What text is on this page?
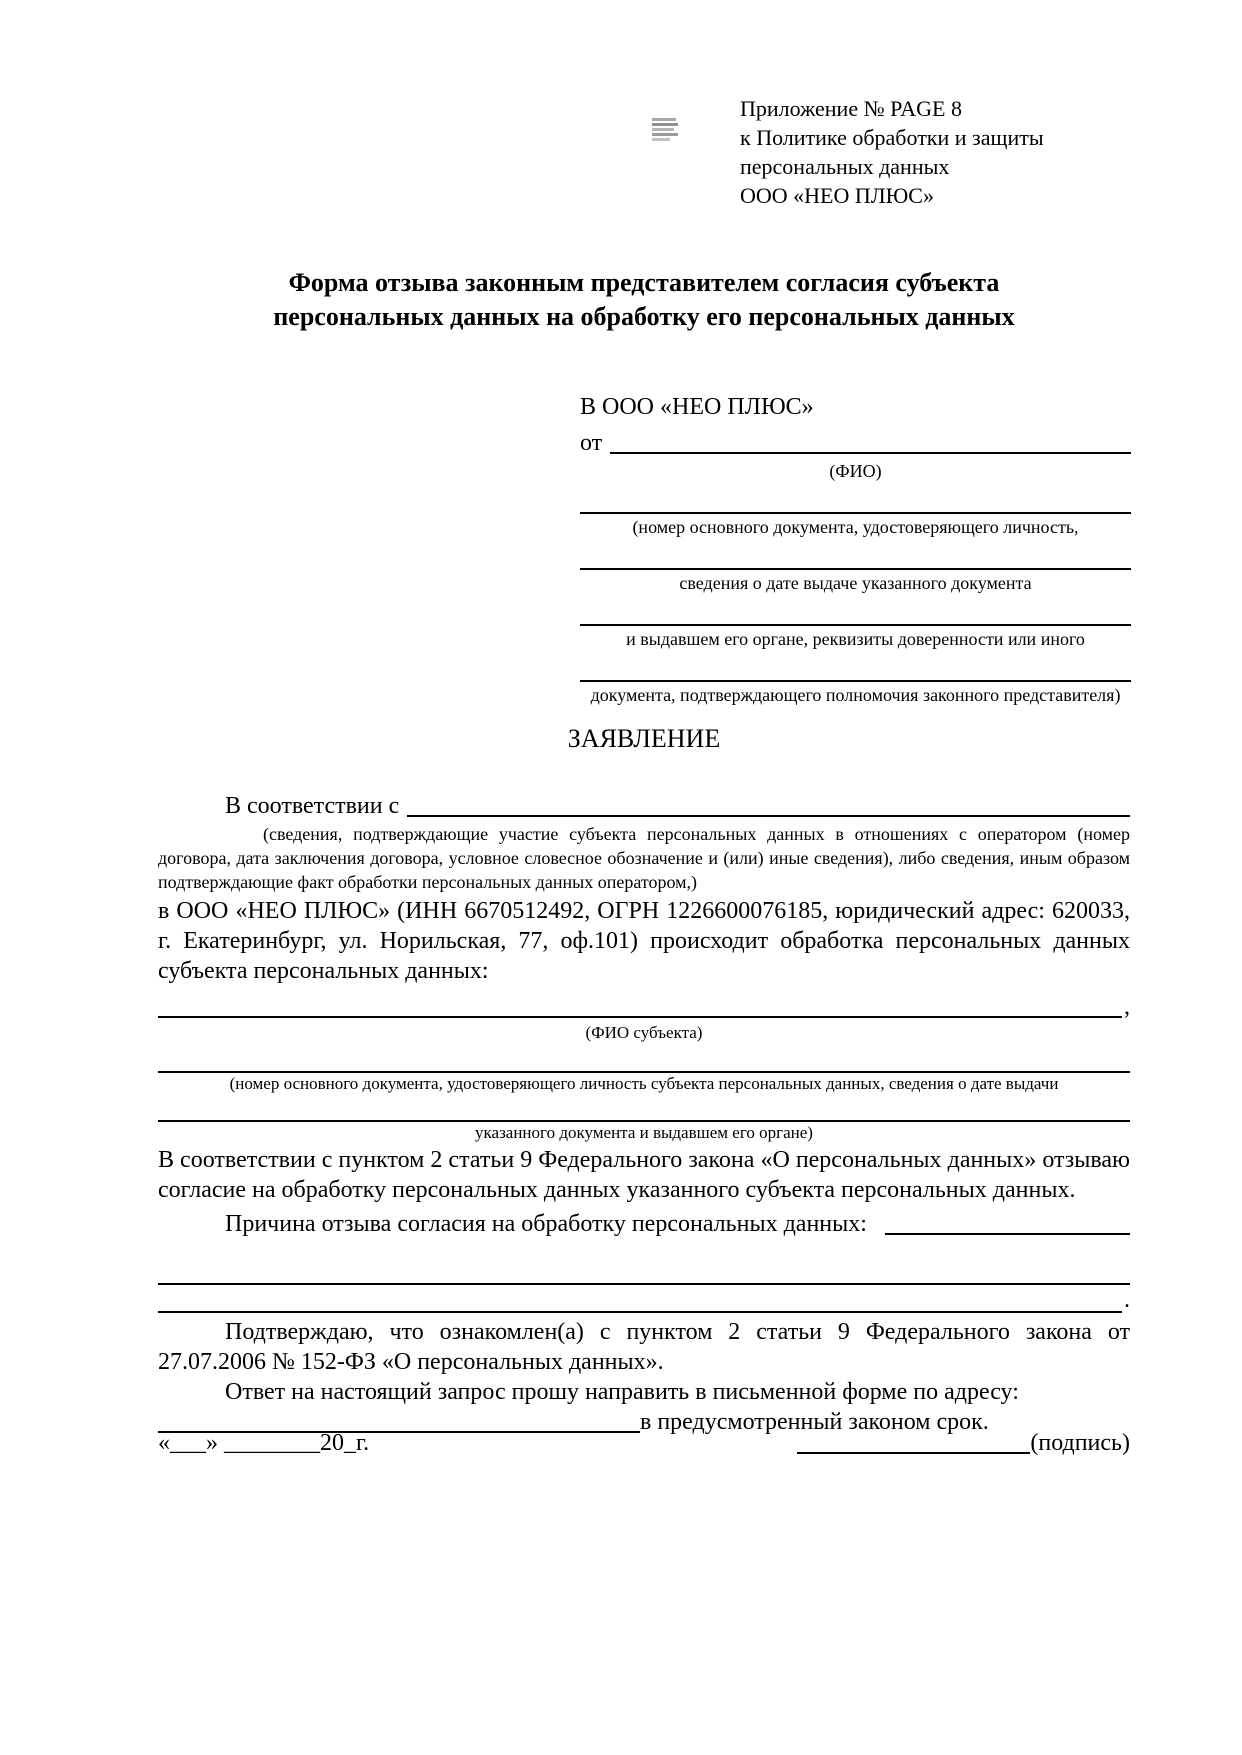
Приложение № PAGE 8
к Политике обработки и защиты
персональных данных
ООО «НЕО ПЛЮС»
Форма отзыва законным представителем согласия субъекта
персональных данных на обработку его персональных данных
В ООО «НЕО ПЛЮС»
от
(ФИО)
(номер основного документа, удостоверяющего личность,
сведения о дате выдаче указанного документа
и выдавшем его органе, реквизиты доверенности или иного
документа, подтверждающего полномочия законного представителя)
ЗАЯВЛЕНИЕ
В соответствии с

(сведения, подтверждающие участие субъекта персональных данных в отношениях с оператором (номер договора, дата заключения договора, условное словесное обозначение и (или) иные сведения), либо сведения, иным образом подтверждающие факт обработки персональных данных оператором,)

в ООО «НЕО ПЛЮС» (ИНН 6670512492, ОГРН 1226600076185, юридический адрес: 620033, г. Екатеринбург, ул. Норильская, 77, оф.101) происходит обработка персональных данных субъекта персональных данных:

,
(ФИО субъекта)
(номер основного документа, удостоверяющего личность субъекта персональных данных, сведения о дате выдачи
указанного документа и выдавшем его органе)

В соответствии с пунктом 2 статьи 9 Федерального закона «О персональных данных» отзываю согласие на обработку персональных данных указанного субъекта персональных данных.

Причина отзыва согласия на обработку персональных данных:
.

Подтверждаю, что ознакомлен(а) с пунктом 2 статьи 9 Федерального закона от 27.07.2006 № 152-ФЗ «О персональных данных».

Ответ на настоящий запрос прошу направить в письменной форме по адресу:

в предусмотренный законом срок.
«___» ________20_г.	(подпись)
